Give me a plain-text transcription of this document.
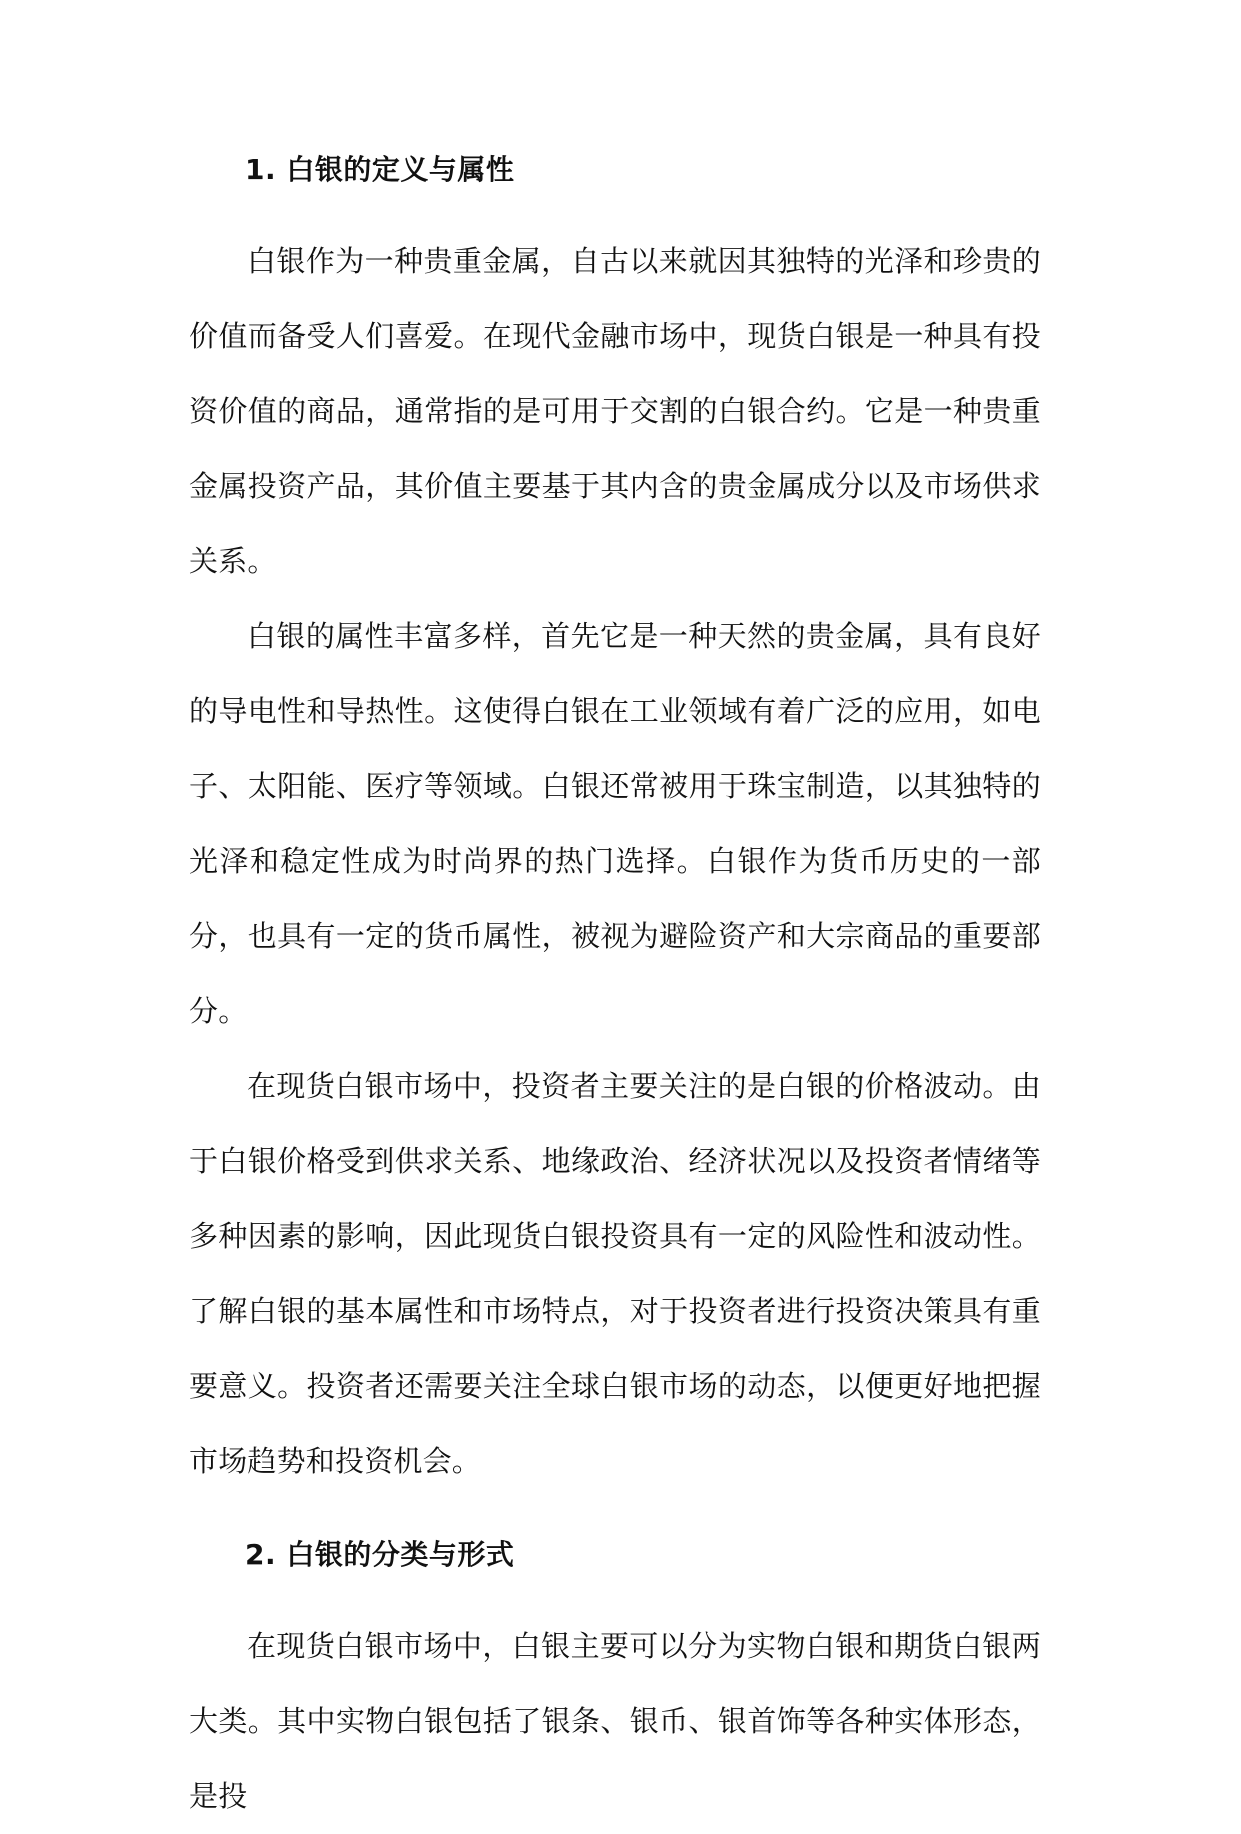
1. 白银的定义与属性

白银作为一种贵重金属，自古以来就因其独特的光泽和珍贵的价值而备受人们喜爱。在现代金融市场中，现货白银是一种具有投资价值的商品，通常指的是可用于交割的白银合约。它是一种贵重金属投资产品，其价值主要基于其内含的贵金属成分以及市场供求关系。

白银的属性丰富多样，首先它是一种天然的贵金属，具有良好的导电性和导热性。这使得白银在工业领域有着广泛的应用，如电子、太阳能、医疗等领域。白银还常被用于珠宝制造，以其独特的光泽和稳定性成为时尚界的热门选择。白银作为货币历史的一部分，也具有一定的货币属性，被视为避险资产和大宗商品的重要部分。

在现货白银市场中，投资者主要关注的是白银的价格波动。由于白银价格受到供求关系、地缘政治、经济状况以及投资者情绪等多种因素的影响，因此现货白银投资具有一定的风险性和波动性。了解白银的基本属性和市场特点，对于投资者进行投资决策具有重要意义。投资者还需要关注全球白银市场的动态，以便更好地把握市场趋势和投资机会。

2. 白银的分类与形式

在现货白银市场中，白银主要可以分为实物白银和期货白银两大类。其中实物白银包括了银条、银币、银首饰等各种实体形态，是投
